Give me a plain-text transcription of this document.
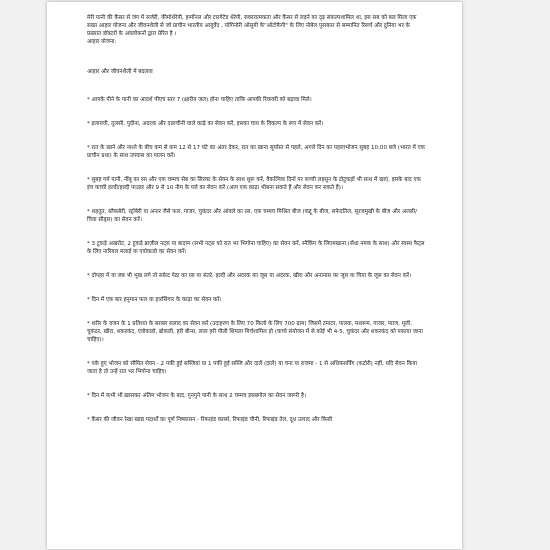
मेरी पत्नी की कैंसर से जंग में सर्जरी, कीमोथेरेपी, हार्मोनल और टारगेटेड थेरेपी, सकारात्मकता और कैंसर से लड़ने का दृढ़ संकल्पशामिल था, इस सब को बल मिला एक सख्त आहार योजना और जीवनशैली से जो प्राचीन भारतीय आयुर्वेद , योगिनोरी ओसुमी के"ऑटोफैगी" के लिए नोबेल पुरस्कार से सम्मानित रिसर्च और दुनिया भर के प्रख्यात डॉक्टरों के अवलोकनों द्वारा प्रेरित है ।

आहार योजना:

आहार और जीवनशैली में बदलाव

* आपके पीने के पानी का आदर्श पीएच स्तर 7 (क्षारीय जल) होना चाहिए ताकि आपकी रिकवरी को बढ़ावा मिले।
* इलायची, तुलसी, पुदीना, अदरक और दालचीनी वाले काढ़े का सेवन करें, इसका चाय के विकल्प के रूप में सेवन करें।
* रात के खाने और नाश्ते के बीच कम से कम 12 से 17 घंटे का अंतर देकर, रात का खाना सूर्यास्त से पहले, अगले दिन का पहलाभोजन सुबह 10:00 बजे (भारत में एक प्राचीन प्रथा) के साथ उपवास का पालन करें।
* सुबह गर्म पानी, नींबू का रस और एक चम्मच सेब का सिरका के सेवन के साथ शुरू करें, वैकल्पिक दिनों पर कच्ची लहसुन के टोटुकड़ों भी साथ में खाएं, इसके बाद एक इंच कच्ची हल्दी/हल्दी पाउडर और 9 से 10 नीम के पत्ते का सेवन करें (आप एक काढ़ा भीबना सकते हैं और सेवन कर सकते हैं)।
* शहतूत, ब्लैकबेरी, स्ट्रॉबेरी या अनार जैसे फल, गाजर, चुकंदर और आंवले का रस, एक चम्मच मिश्रित बीज (कद्दू के बीज, सफेदतिल, सूरजमुखी के बीज और अलसी/चिया सीड्स) का सेवन करें।
* 3 टुकड़े अखरोट, 2 टुकड़े ब्राज़ील नट्स या बादाम (सभी नट्स को रात भर भिगोना चाहिए) का सेवन करें, स्नैकिंग के लिएमखाना (सेंधा नमक के साथ) और स्वस्थ फैट्स के लिए नारियल मलाई या एवोकाडो का सेवन करें।
* दोपहर में या जब भी भूख लगे तो सफ़ेद पेठा का रस या संतरे, हल्दी और अदरक का जूस या अदरक, खीरा और अनानास का जूस या चिया के जूस का सेवन करें।
* दिन में एक बार हनुमान फल या हारसिंगार के काढ़ा का सेवन करें।
* शरीर के वजन के 1 प्रतिशत के बराबर सलाद का सेवन करें (उदाहरण के लिए 70 किलो के लिए 700 ग्राम) जिसमें टमाटर, पालक, मशरूम, गाजर, प्याज, मूली, चुकंदर, खीरा, शकरकंद, एवोकाडो, ब्रोकली, हरी बीन्स, लाल हरी पीली शिमला मिर्चशामिल हो (कच्चे संयोजन में से कोई भी 4-5, चुकंदर और शकरकंद को पकाया जाना चाहिए)।
* पके हुए भोजन को सीमित सेवन - 2 पकी हुई सब्जियां या 1 पकी हुई सब्जि और दालें (दालें) या चना या राजमा - 1 से अधिकसर्विंग (कटोरी) नहीं, यदि सेवन किया जाता है तो उन्हें रात भर भिगोना चाहिए।
* दिन में कभी भी ख़ासकर अंतिम भोजन के बाद, गुनगुने पानी के साथ 2 चम्मच इसबगोल का सेवन जरूरी है।
* कैंसर की जीवन रेखा खाद्य पदार्थों का पूर्ण निष्कासन - रिफाइंड कार्ब्स, रिफाइंड चीनी, रिफाइंड तेल, दूध उत्पाद और किसी
